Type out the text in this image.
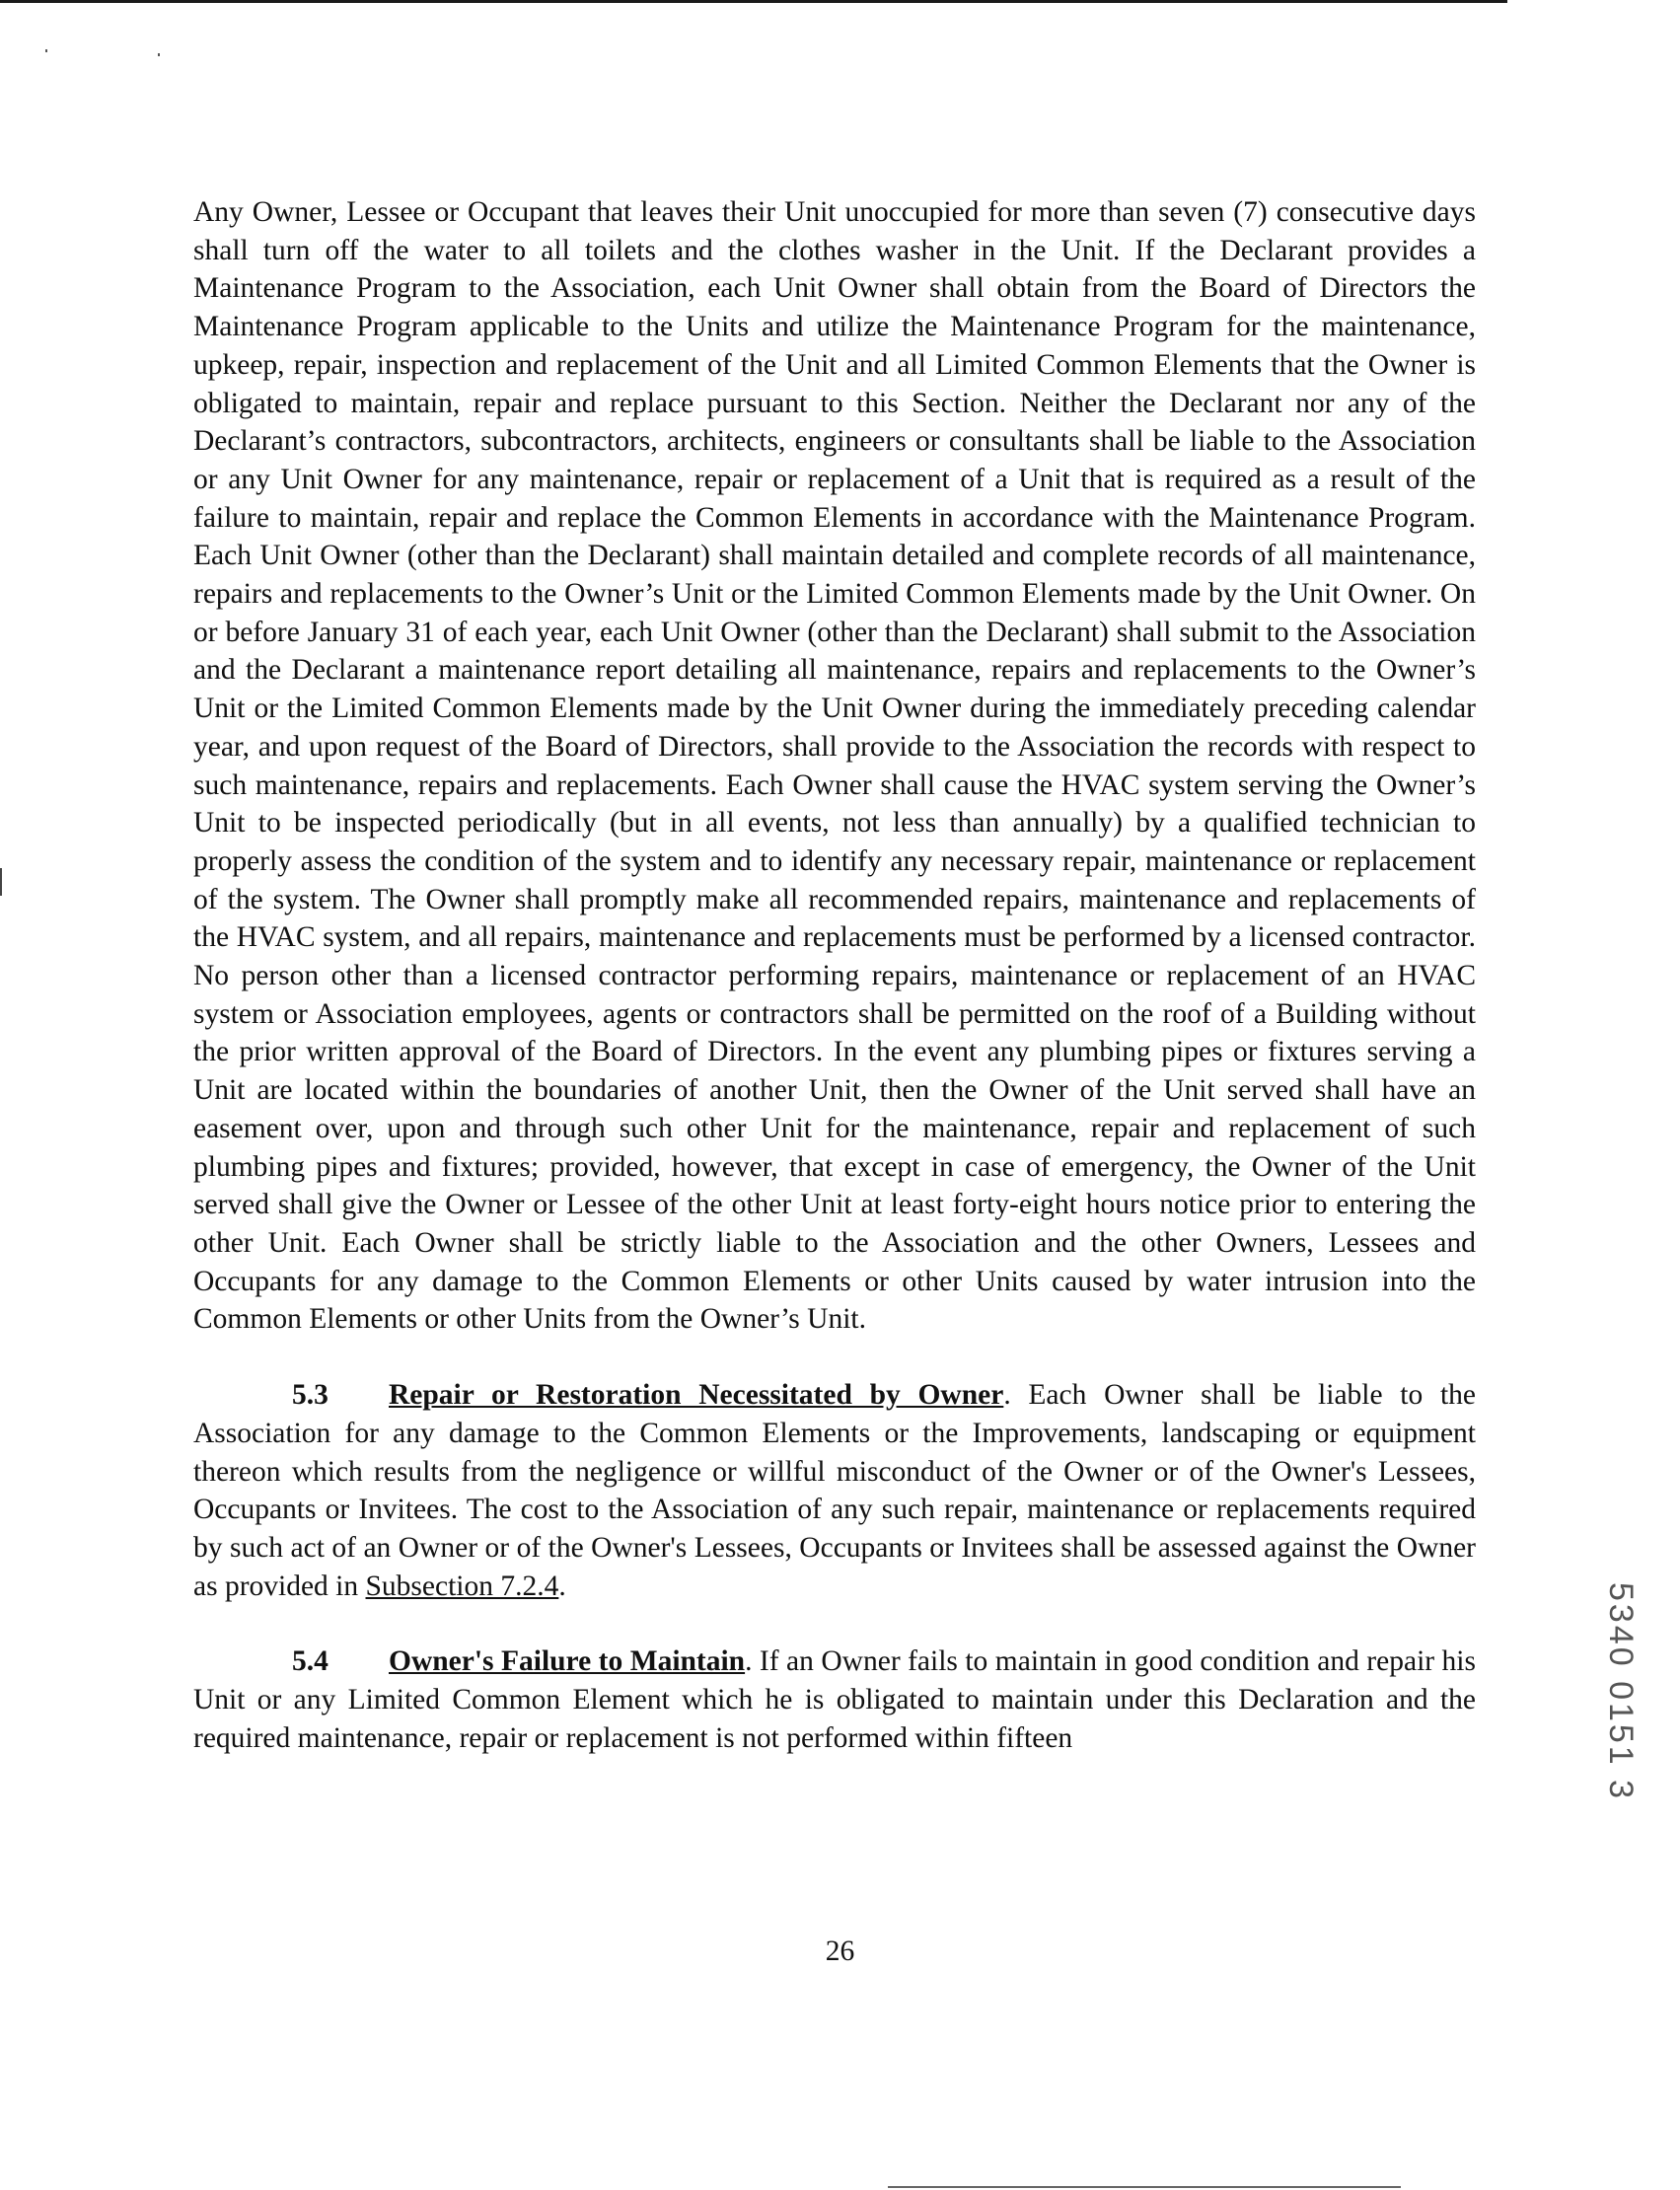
Any Owner, Lessee or Occupant that leaves their Unit unoccupied for more than seven (7) consecutive days shall turn off the water to all toilets and the clothes washer in the Unit. If the Declarant provides a Maintenance Program to the Association, each Unit Owner shall obtain from the Board of Directors the Maintenance Program applicable to the Units and utilize the Maintenance Program for the maintenance, upkeep, repair, inspection and replacement of the Unit and all Limited Common Elements that the Owner is obligated to maintain, repair and replace pursuant to this Section. Neither the Declarant nor any of the Declarant’s contractors, subcontractors, architects, engineers or consultants shall be liable to the Association or any Unit Owner for any maintenance, repair or replacement of a Unit that is required as a result of the failure to maintain, repair and replace the Common Elements in accordance with the Maintenance Program. Each Unit Owner (other than the Declarant) shall maintain detailed and complete records of all maintenance, repairs and replacements to the Owner’s Unit or the Limited Common Elements made by the Unit Owner. On or before January 31 of each year, each Unit Owner (other than the Declarant) shall submit to the Association and the Declarant a maintenance report detailing all maintenance, repairs and replacements to the Owner’s Unit or the Limited Common Elements made by the Unit Owner during the immediately preceding calendar year, and upon request of the Board of Directors, shall provide to the Association the records with respect to such maintenance, repairs and replacements. Each Owner shall cause the HVAC system serving the Owner’s Unit to be inspected periodically (but in all events, not less than annually) by a qualified technician to properly assess the condition of the system and to identify any necessary repair, maintenance or replacement of the system. The Owner shall promptly make all recommended repairs, maintenance and replacements of the HVAC system, and all repairs, maintenance and replacements must be performed by a licensed contractor. No person other than a licensed contractor performing repairs, maintenance or replacement of an HVAC system or Association employees, agents or contractors shall be permitted on the roof of a Building without the prior written approval of the Board of Directors. In the event any plumbing pipes or fixtures serving a Unit are located within the boundaries of another Unit, then the Owner of the Unit served shall have an easement over, upon and through such other Unit for the maintenance, repair and replacement of such plumbing pipes and fixtures; provided, however, that except in case of emergency, the Owner of the Unit served shall give the Owner or Lessee of the other Unit at least forty-eight hours notice prior to entering the other Unit. Each Owner shall be strictly liable to the Association and the other Owners, Lessees and Occupants for any damage to the Common Elements or other Units caused by water intrusion into the Common Elements or other Units from the Owner’s Unit.

5.3 Repair or Restoration Necessitated by Owner. Each Owner shall be liable to the Association for any damage to the Common Elements or the Improvements, landscaping or equipment thereon which results from the negligence or willful misconduct of the Owner or of the Owner's Lessees, Occupants or Invitees. The cost to the Association of any such repair, maintenance or replacements required by such act of an Owner or of the Owner's Lessees, Occupants or Invitees shall be assessed against the Owner as provided in Subsection 7.2.4.

5.4 Owner's Failure to Maintain. If an Owner fails to maintain in good condition and repair his Unit or any Limited Common Element which he is obligated to maintain under this Declaration and the required maintenance, repair or replacement is not performed within fifteen

26

5340 0151 3
